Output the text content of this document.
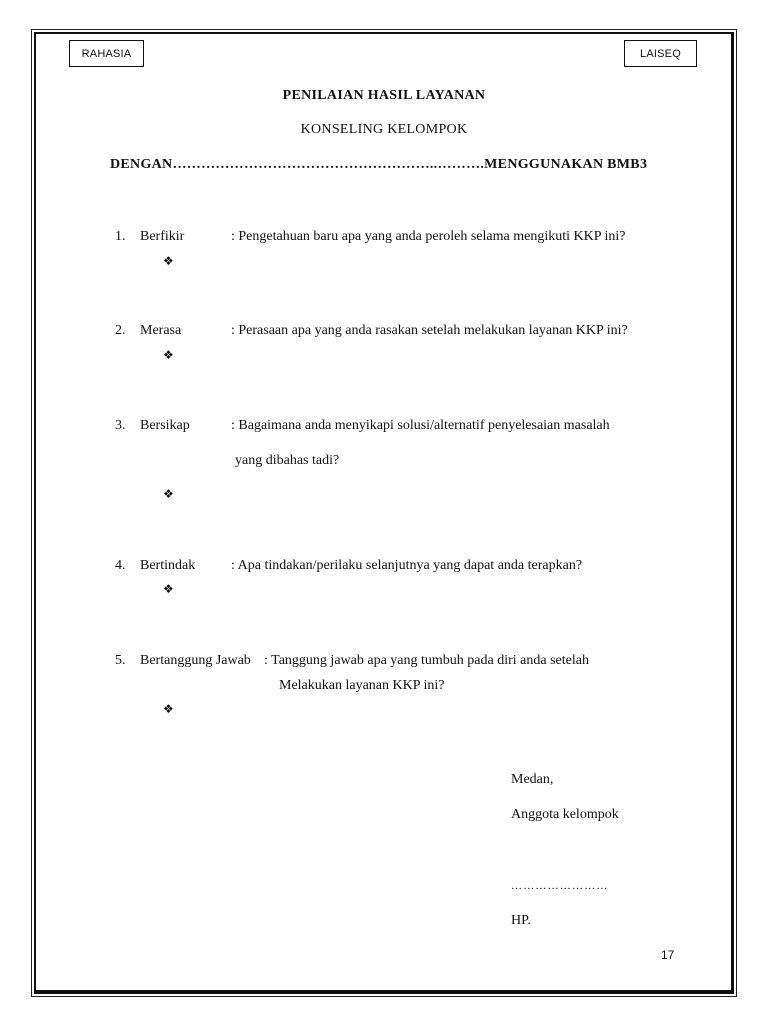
RAHASIA	LAISEQ
PENILAIAN HASIL LAYANAN
KONSELING KELOMPOK
DENGAN………………………………………………..……….MENGGUNAKAN BMB3
1. Berfikir	: Pengetahuan baru apa yang anda peroleh selama mengikuti KKP ini?
❖
2. Merasa	: Perasaan apa yang anda rasakan setelah melakukan layanan KKP ini?
❖
3. Bersikap	: Bagaimana anda menyikapi solusi/alternatif penyelesaian masalah
yang dibahas tadi?
❖
4. Bertindak	: Apa tindakan/perilaku selanjutnya yang dapat anda terapkan?
❖
5. Bertanggung Jawab : Tanggung jawab apa yang tumbuh pada diri anda setelah
Melakukan layanan KKP ini?
❖
Medan,
Anggota kelompok
……………………
HP.
17
